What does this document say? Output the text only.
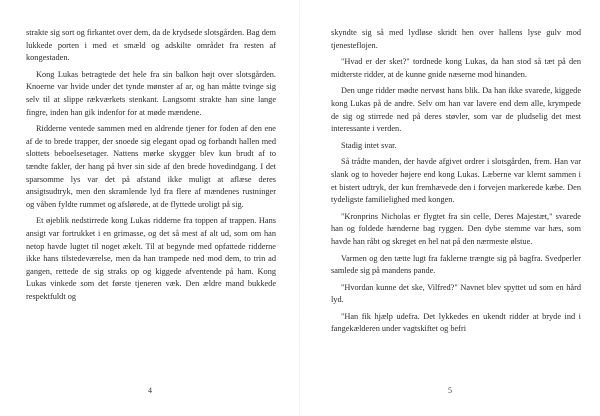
strakte sig sort og firkantet over dem, da de krydsede slotsgården. Bag dem lukkede porten i med et smæld og adskilte området fra resten af kongestaden.

Kong Lukas betragtede det hele fra sin balkon højt over slotsgården. Knoerne var hvide under det tynde mønster af ar, og han måtte tvinge sig selv til at slippe rækværkets stenkant. Langsomt strakte han sine lange fingre, inden han gik indenfor for at møde mændene.

Ridderne ventede sammen med en aldrende tjener for foden af den ene af de to brede trapper, der snoede sig elegant opad og forbandt hallen med slottets beboelsesetager. Nattens mørke skygger blev kun brudt af to tændte fakler, der hang på hver sin side af den brede hovedindgang. I det sparsomme lys var det på afstand ikke muligt at aflæse deres ansigtsudtryk, men den skramlende lyd fra flere af mændenes rustninger og våben fyldte rummet og afslørede, at de flyttede uroligt på sig.

Et øjeblik nedstirrede kong Lukas ridderne fra toppen af trappen. Hans ansigt var fortrukket i en grimasse, og det så mest af alt ud, som om han netop havde lugtet til noget ækelt. Til at begynde med opfattede ridderne ikke hans tilstedeværelse, men da han trampede ned mod dem, to trin ad gangen, rettede de sig straks op og kiggede afventende på ham. Kong Lukas vinkede som det første tjeneren væk. Den ældre mand bukkede respektfuldt og

skyndte sig så med lydløse skridt hen over hallens lyse gulv mod tjenesteflojen.

"Hvad er der sket?" tordnede kong Lukas, da han stod så tæt på den midterste ridder, at de kunne gnide næserne mod hinanden.

Den unge ridder mødte nervøst hans blik. Da han ikke svarede, kiggede kong Lukas på de andre. Selv om han var lavere end dem alle, krympede de sig og stirrede ned på deres støvler, som var de pludselig det mest interessante i verden.

Stadig intet svar.

Så trådte manden, der havde afgivet ordrer i slotsgården, frem. Han var slank og to hoveder højere end kong Lukas. Læberne var klemt sammen i et bistert udtryk, der kun fremhævede den i forvejen markerede kæbe. Den tydeligste familielighed med kongen.

"Kronprins Nicholas er flygtet fra sin celle, Deres Majestæt," svarede han og foldede hænderne bag ryggen. Den dybe stemme var hæs, som havde han råbt og skreget en hel nat på den nærmeste ølstue.

Varmen og den tætte lugt fra faklerne trængte sig på bagfra. Svedperler samlede sig på mandens pande.

"Hvordan kunne det ske, Vilfred?" Navnet blev spyttet ud som en hård lyd.

"Han fik hjælp udefra. Det lykkedes en ukendt ridder at bryde ind i fangekælderen under vagtskiftet og befri

4	5
